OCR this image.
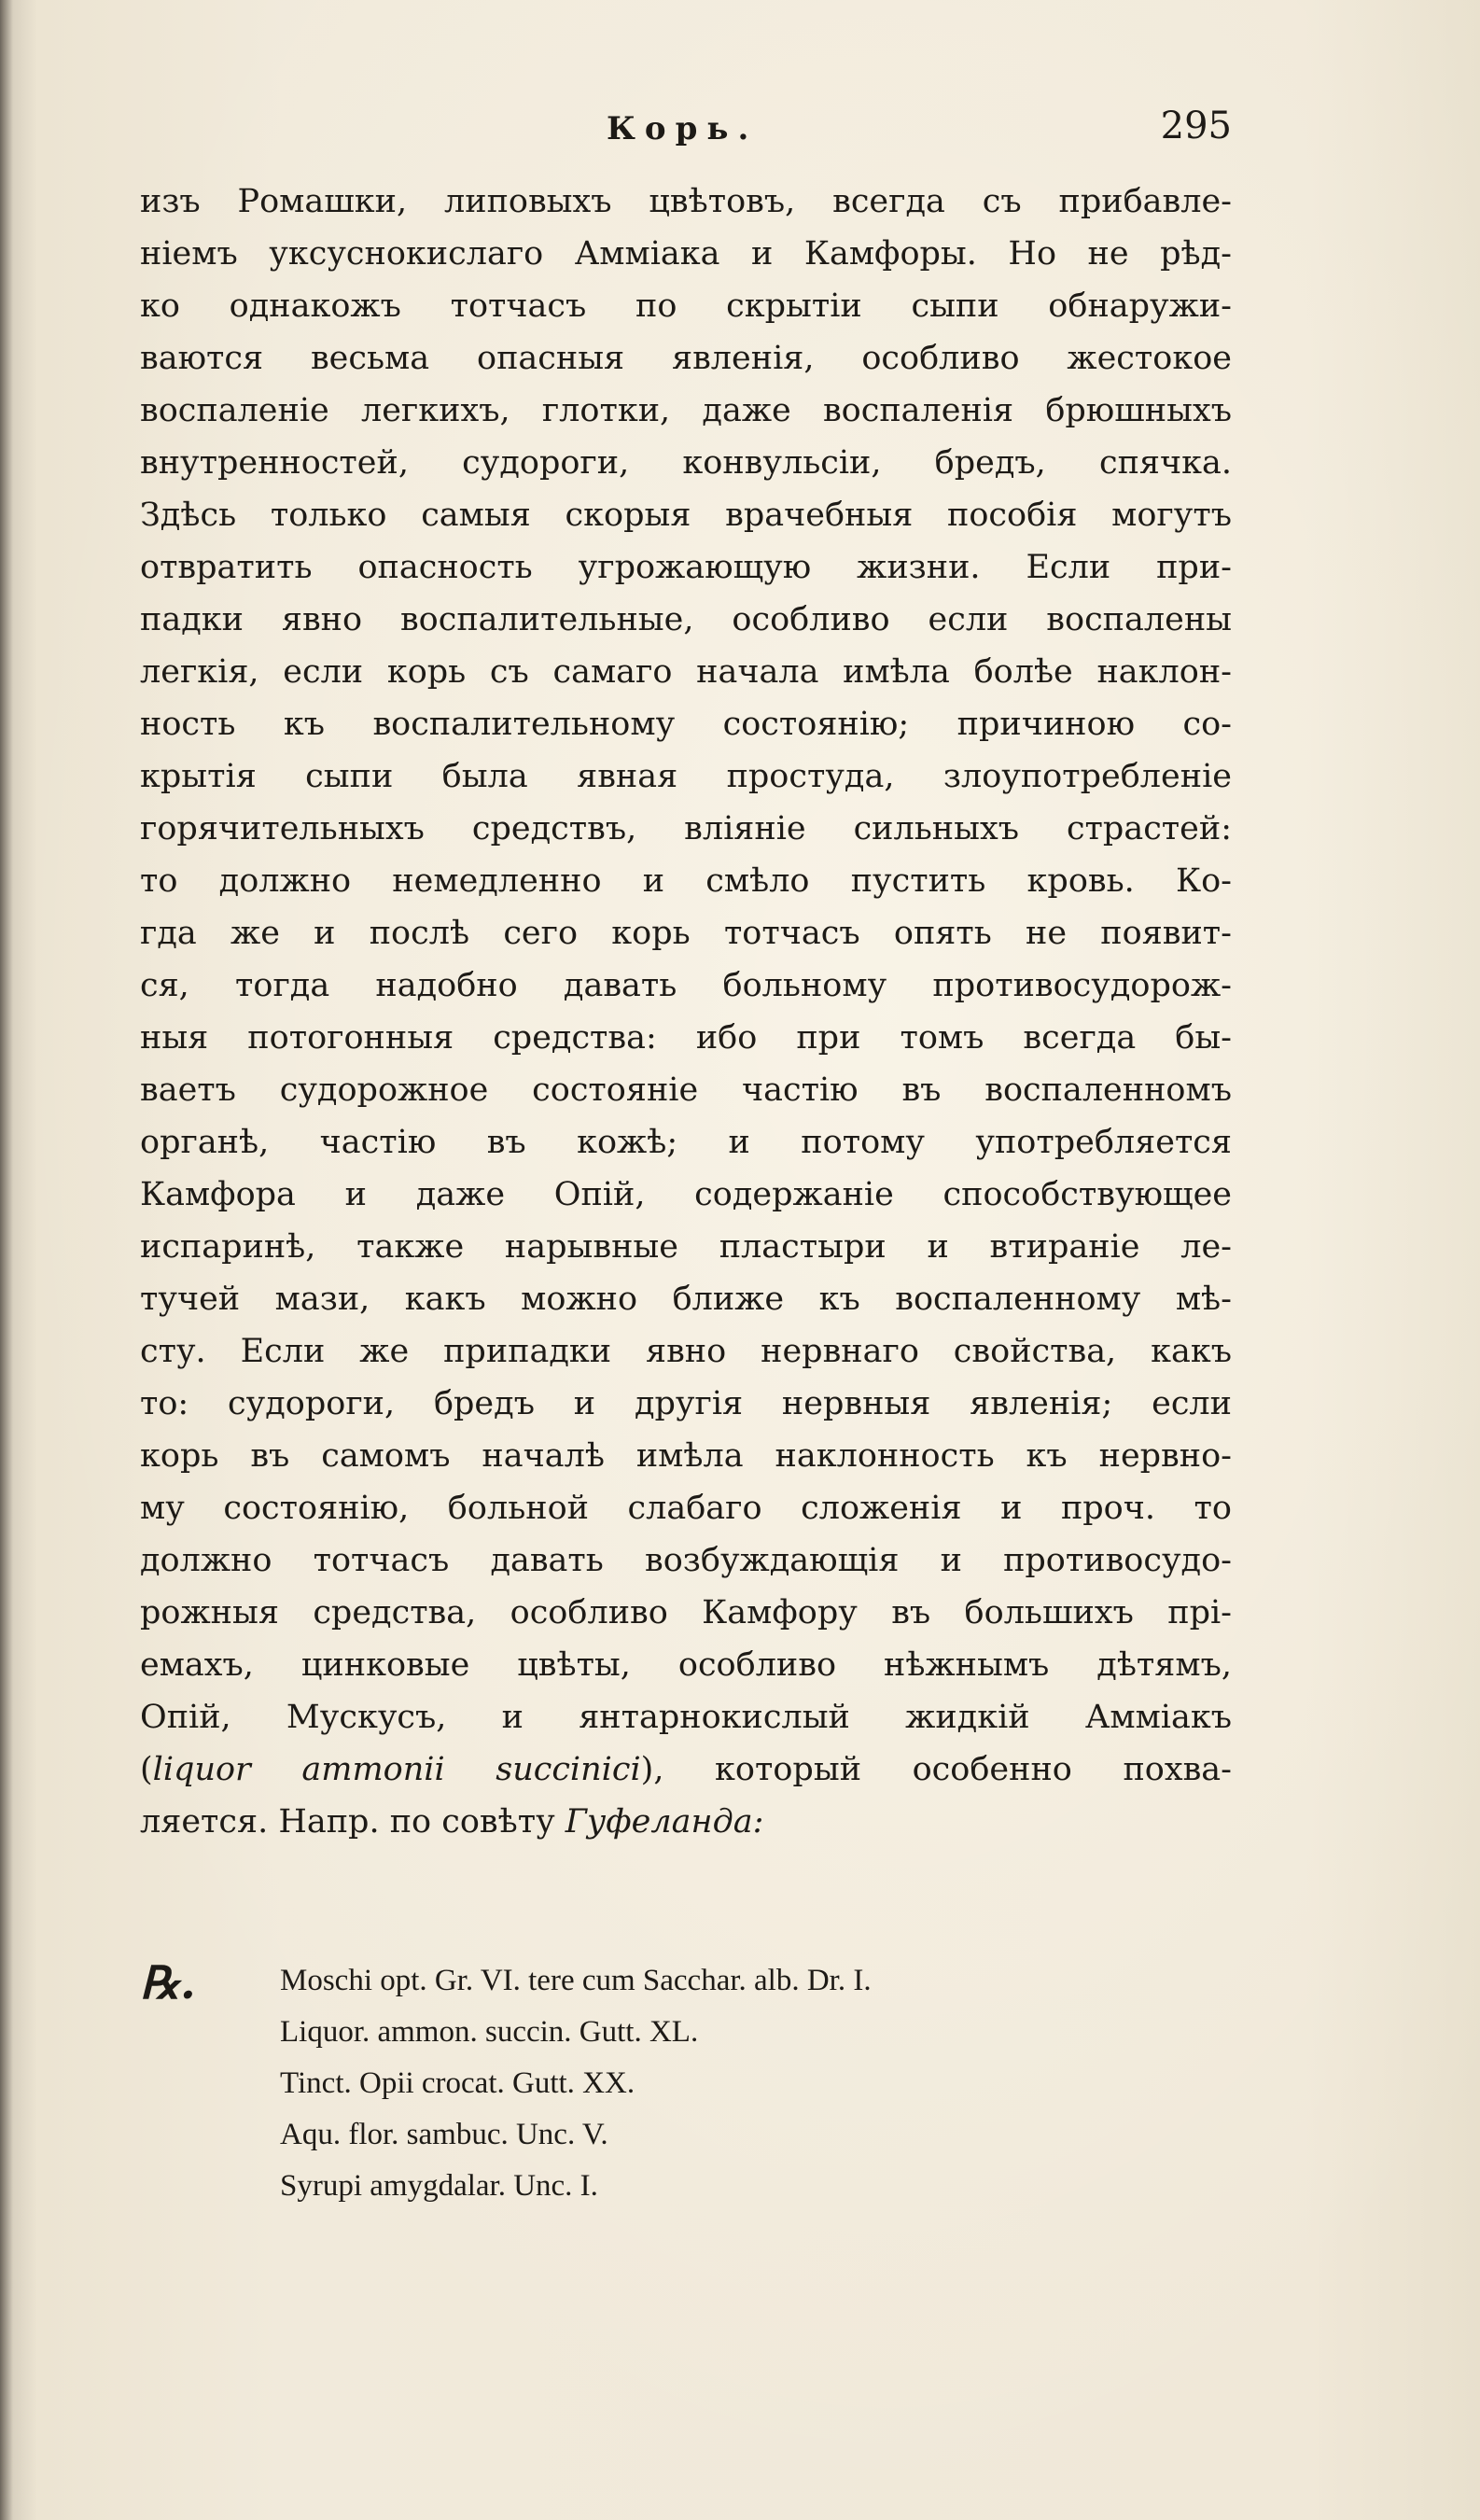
Корь.	295
изъ Ромашки, липовыхъ цвѣтовъ, всегда съ прибавле-
ніемъ уксуснокислаго Аммiака и Камфоры. Но не рѣд-
ко однакожъ тотчасъ по скрытіи сыпи обнаружи-
ваются весьма опасныя явленія, особливо жестокое
воспаленіе легкихъ, глотки, даже воспаленія брюшныхъ
внутренностей, судороги, конвульсіи, бредъ, спячка.
Здѣсь только самыя скорыя врачебныя пособія могутъ
отвратить опасность угрожающую жизни. Если при-
падки явно воспалительные, особливо если воспалены
легкія, если корь съ самаго начала имѣла болѣе наклон-
ность къ воспалительному состоянію; причиною со-
крытія сыпи была явная простуда, злоупотребленіе
горячительныхъ средствъ, вліяніе сильныхъ страстей:
то должно немедленно и смѣло пустить кровь. Ко-
гда же и послѣ сего корь тотчасъ опять не появит-
ся, тогда надобно давать больному противосудорож-
ныя потогонныя средства: ибо при томъ всегда бы-
ваетъ судорожное состояніе частію въ воспаленномъ
органѣ, частію въ кожѣ; и потому употребляется
Камфора и даже Опій, содержаніе способствующее
испаринѣ, также нарывные пластыри и втираніе ле-
тучей мази, какъ можно ближе къ воспаленному мѣ-
сту. Если же припадки явно нервнаго свойства, какъ
то: судороги, бредъ и другія нервныя явленія; если
корь въ самомъ началѣ имѣла наклонность къ нервно-
му состоянію, больной слабаго сложенія и проч. то
должно тотчасъ давать возбуждающія и противосудо-
рожныя средства, особливо Камфору въ большихъ прі-
емахъ, цинковые цвѣты, особливо нѣжнымъ дѣтямъ,
Опій, Мускусъ, и янтарнокислый жидкій Аммiакъ
(liquor ammonii succinici), который особенно похва-
ляется. Напр. по совѣту Гуфеланда:
℞.	Moschi opt. Gr. VI. tere cum Sacchar. alb. Dr. I.
Liquor. ammon. succin. Gutt. XL.
Tinct. Opii crocat. Gutt. XX.
Aqu. flor. sambuc. Unc. V.
Syrupi amygdalar. Unc. I.
